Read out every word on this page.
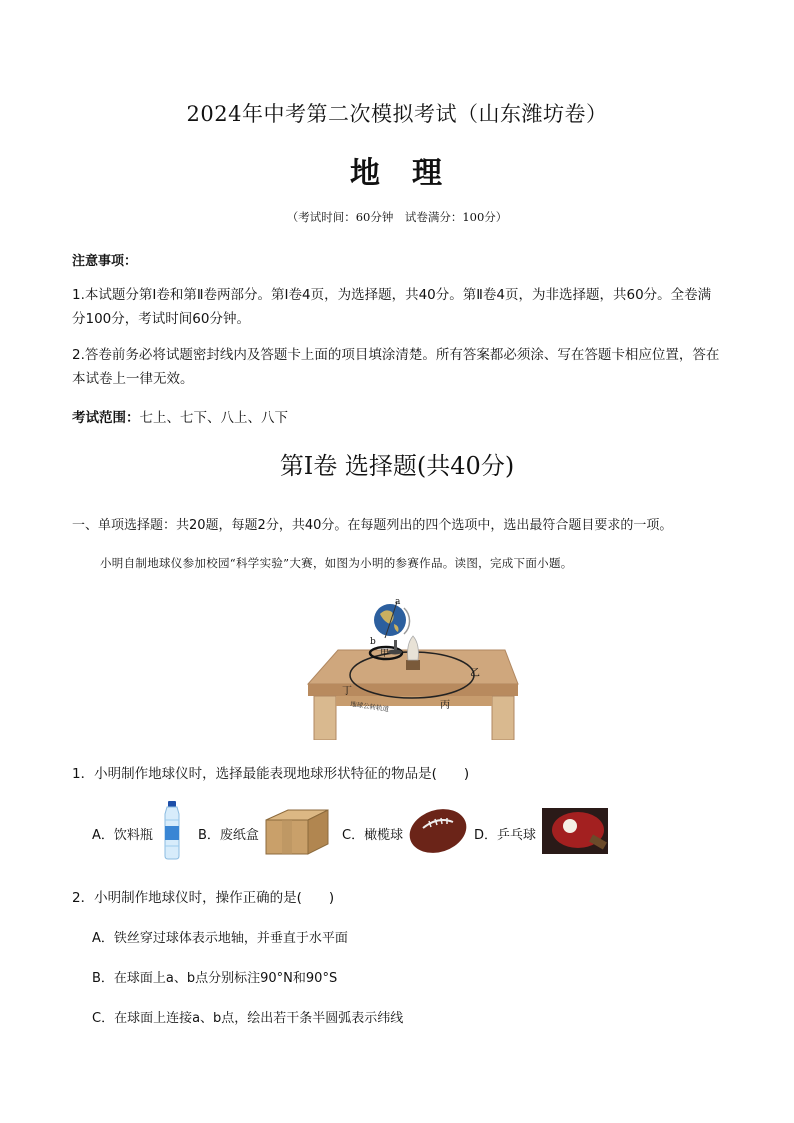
2024年中考第二次模拟考试（山东潍坊卷）
地理
（考试时间：60分钟　试卷满分：100分）
注意事项：
1.本试题分第Ⅰ卷和第Ⅱ卷两部分。第Ⅰ卷4页，为选择题，共40分。第Ⅱ卷4页，为非选择题，共60分。全卷满分100分，考试时间60分钟。
2.答卷前务必将试题密封线内及答题卡上面的项目填涂清楚。所有答案都必须涂、写在答题卡相应位置，答在本试卷上一律无效。
考试范围：七上、七下、八上、八下
第Ⅰ卷 选择题(共40分)
一、单项选择题：共20题，每题2分，共40分。在每题列出的四个选项中，选出最符合题目要求的一项。
小明自制地球仪参加校园“科学实验”大赛，如图为小明的参赛作品。读图，完成下面小题。
a
b
甲
乙
丙
丁
地球公转轨道
1．小明制作地球仪时，选择最能表现地球形状特征的物品是(　　)
A．饮料瓶	B．废纸盒	C．橄榄球	D．乒乓球
2．小明制作地球仪时，操作正确的是(　　)
A．铁丝穿过球体表示地轴，并垂直于水平面
B．在球面上a、b点分别标注90°N和90°S
C．在球面上连接a、b点，绘出若干条半圆弧表示纬线
